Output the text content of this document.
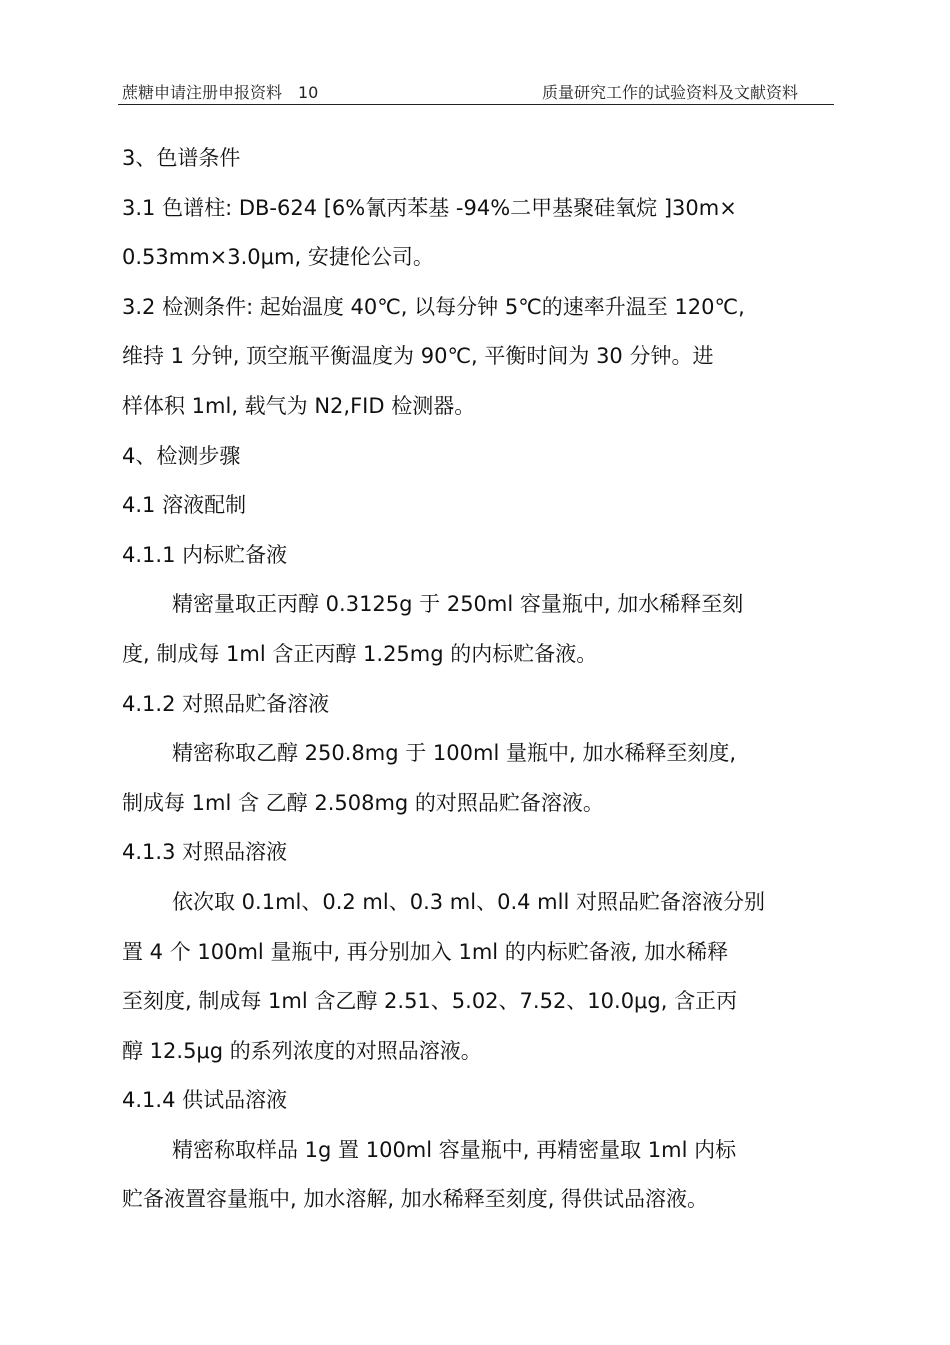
蔗糖申请注册申报资料　10	质量研究工作的试验资料及文献资料

3、色谱条件

3.1 色谱柱: DB-624 [6%氰丙苯基 -94%二甲基聚硅氧烷 ]30m×

0.53mm×3.0μm, 安捷伦公司。

3.2 检测条件: 起始温度 40℃, 以每分钟 5℃的速率升温至 120℃,

维持 1 分钟, 顶空瓶平衡温度为 90℃, 平衡时间为 30 分钟。进

样体积 1ml, 载气为 N2,FID 检测器。

4、检测步骤

4.1 溶液配制

4.1.1 内标贮备液

精密量取正丙醇 0.3125g 于 250ml 容量瓶中, 加水稀释至刻

度, 制成每 1ml 含正丙醇 1.25mg 的内标贮备液。

4.1.2 对照品贮备溶液

精密称取乙醇 250.8mg 于 100ml 量瓶中, 加水稀释至刻度,

制成每 1ml 含 乙醇 2.508mg 的对照品贮备溶液。

4.1.3 对照品溶液

依次取 0.1ml、0.2 ml、0.3 ml、0.4 mll 对照品贮备溶液分别

置 4 个 100ml 量瓶中, 再分别加入 1ml 的内标贮备液, 加水稀释

至刻度, 制成每 1ml 含乙醇 2.51、5.02、7.52、10.0μg, 含正丙

醇 12.5μg 的系列浓度的对照品溶液。

4.1.4 供试品溶液

精密称取样品 1g 置 100ml 容量瓶中, 再精密量取 1ml 内标

贮备液置容量瓶中, 加水溶解, 加水稀释至刻度, 得供试品溶液。
